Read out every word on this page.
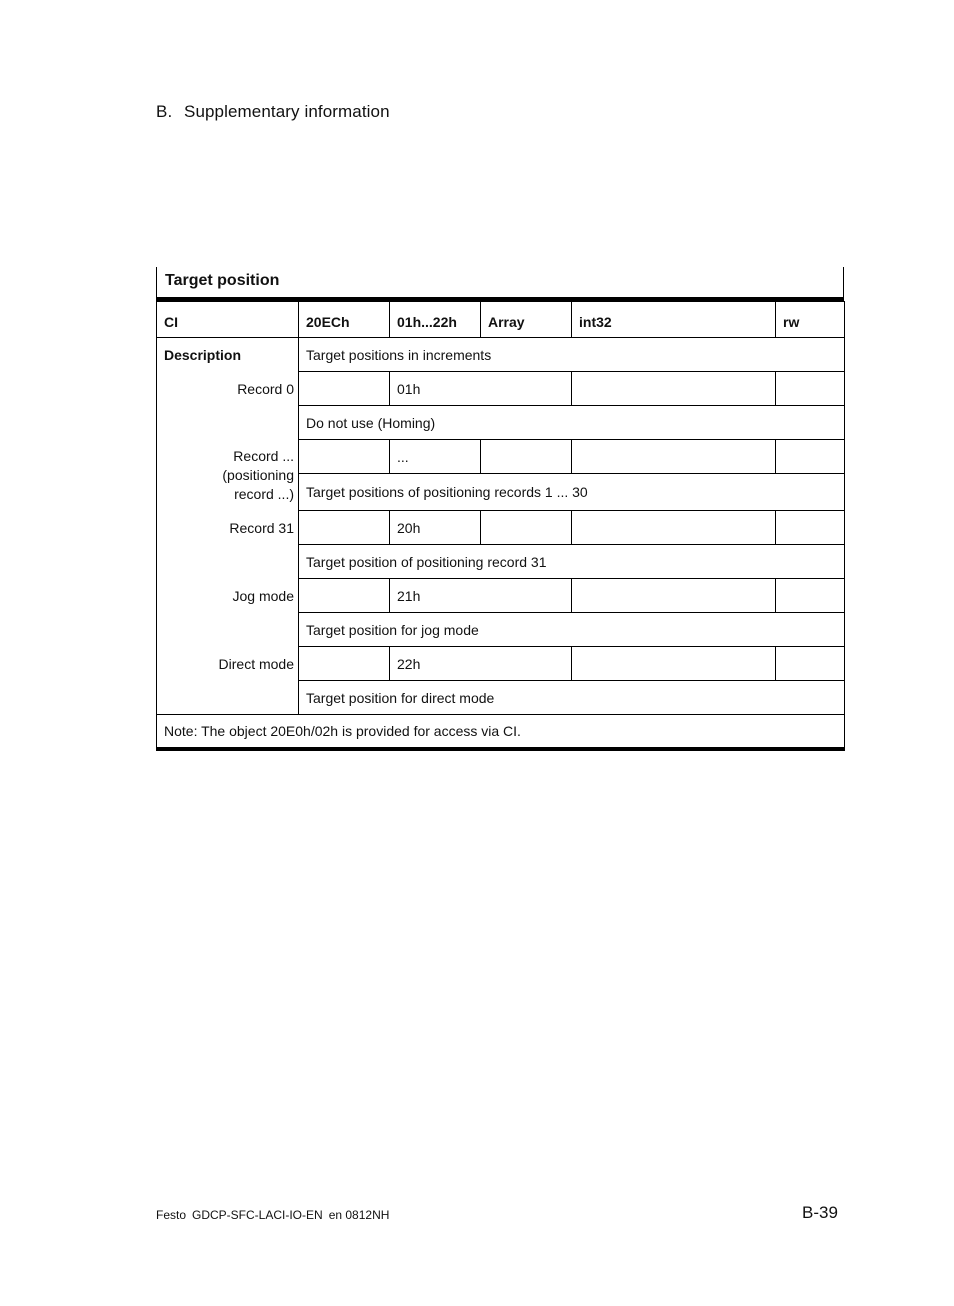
B. Supplementary information
Target position
CI	20ECh	01h...22h	Array	int32	rw
Description	Target positions in increments				
Record 0		01h			
	Do not use (Homing)				
Record ...
(positioning
record ...)		...			
	Target positions of positioning records 1 ... 30				
Record 31		20h			
	Target position of positioning record 31				
Jog mode		21h			
	Target position for jog mode				
Direct mode		22h			
	Target position for direct mode				
Note: The object 20E0h/02h is provided for access via CI.					
Festo GDCP-SFC-LACI-IO-EN en 0812NH	B-39
